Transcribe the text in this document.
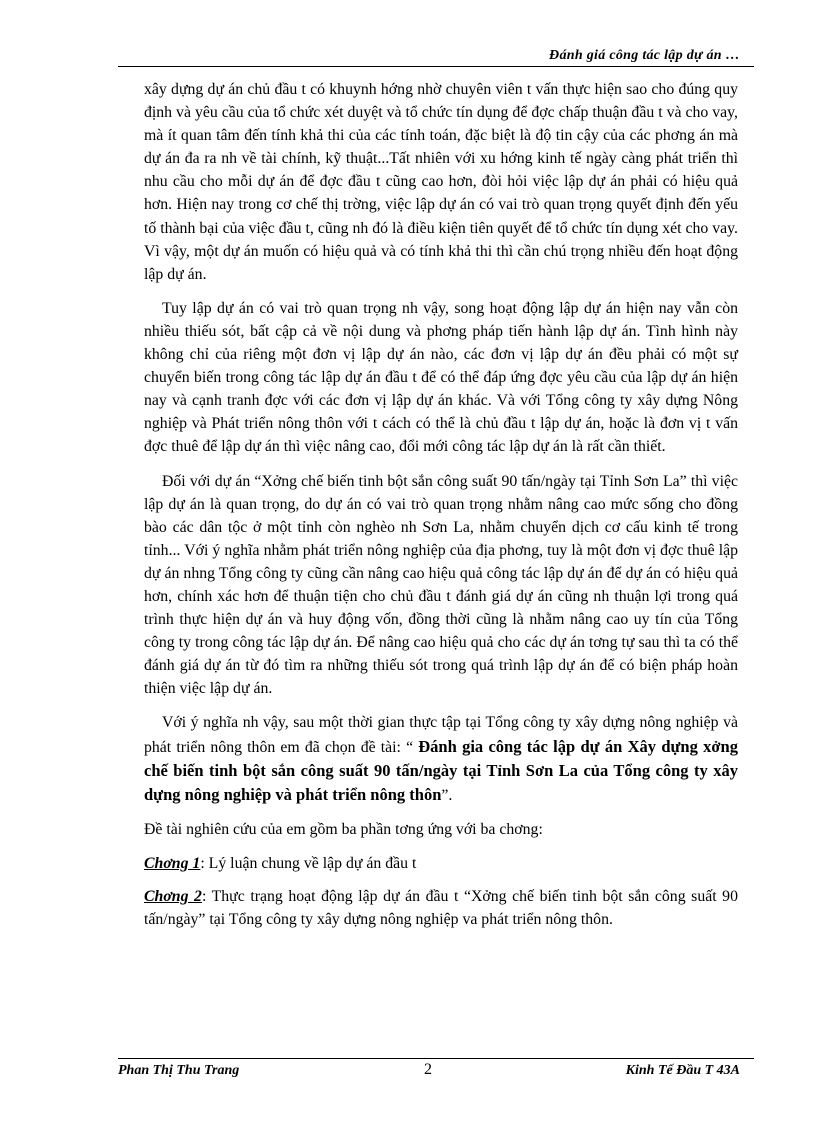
Đánh giá công tác lập dự án …

xây dựng dự án chủ đầu t có khuynh hớng nhờ chuyên viên t vấn thực hiện sao cho đúng quy định và yêu cầu của tổ chức xét duyệt và tổ chức tín dụng để đợc chấp thuận đầu t và cho vay, mà ít quan tâm đến tính khả thi của các tính toán, đặc biệt là độ tin cậy của các phơng án mà dự án đa ra nh về tài chính, kỹ thuật...Tất nhiên với xu hớng kinh tế ngày càng phát triển thì nhu cầu cho mỗi dự án để đợc đầu t cũng cao hơn, đòi hỏi việc lập dự án phải có hiệu quả hơn. Hiện nay trong cơ chế thị trờng, việc lập dự án có vai trò quan trọng quyết định đến yếu tố thành bại của việc đầu t, cũng nh đó là điều kiện tiên quyết để tổ chức tín dụng xét cho vay. Vì vậy, một dự án muốn có hiệu quả và có tính khả thi thì cần chú trọng nhiều đến hoạt động lập dự án.

Tuy lập dự án có vai trò quan trọng nh vậy, song hoạt động lập dự án hiện nay vẫn còn nhiều thiếu sót, bất cập cả về nội dung và phơng pháp tiến hành lập dự án. Tình hình này không chỉ của riêng một đơn vị lập dự án nào, các đơn vị lập dự án đều phải có một sự chuyển biến trong công tác lập dự án đầu t để có thể đáp ứng đợc yêu cầu của lập dự án hiện nay và cạnh tranh đợc với các đơn vị lập dự án khác. Và với Tổng công ty xây dựng Nông nghiệp và Phát triển nông thôn với t cách có thể là chủ đầu t lập dự án, hoặc là đơn vị t vấn đợc thuê để lập dự án thì việc nâng cao, đổi mới công tác lập dự án là rất cần thiết.

Đối với dự án “Xởng chế biến tinh bột sắn công suất 90 tấn/ngày tại Tỉnh Sơn La” thì việc lập dự án là quan trọng, do dự án có vai trò quan trọng nhằm nâng cao mức sống cho đồng bào các dân tộc ở một tỉnh còn nghèo nh Sơn La, nhằm chuyển dịch cơ cấu kinh tế trong tỉnh... Với ý nghĩa nhằm phát triển nông nghiệp của địa phơng, tuy là một đơn vị đợc thuê lập dự án nhng Tổng công ty cũng cần nâng cao hiệu quả công tác lập dự án để dự án có hiệu quả hơn, chính xác hơn để thuận tiện cho chủ đầu t đánh giá dự án cũng nh thuận lợi trong quá trình thực hiện dự án và huy động vốn, đồng thời cũng là nhằm nâng cao uy tín của Tổng công ty trong công tác lập dự án. Để nâng cao hiệu quả cho các dự án tơng tự sau thì ta có thể đánh giá dự án từ đó tìm ra những thiếu sót trong quá trình lập dự án để có biện pháp hoàn thiện việc lập dự án.

Với ý nghĩa nh vậy, sau một thời gian thực tập tại Tổng công ty xây dựng nông nghiệp và phát triển nông thôn em đã chọn đề tài: “ Đánh gia công tác lập dự án Xây dựng xởng chế biến tinh bột sắn công suất 90 tấn/ngày tại Tỉnh Sơn La của Tổng công ty xây dựng nông nghiệp và phát triển nông thôn”.

Đề tài nghiên cứu của em gồm ba phần tơng ứng với ba chơng:

Chơng 1: Lý luận chung về lập dự án đầu t

Chơng 2: Thực trạng hoạt động lập dự án đầu t “Xởng chế biến tinh bột sắn công suất 90 tấn/ngày” tại Tổng công ty xây dựng nông nghiệp va phát triển nông thôn.

Phan Thị Thu Trang	2	Kinh Tế Đầu T 43A
